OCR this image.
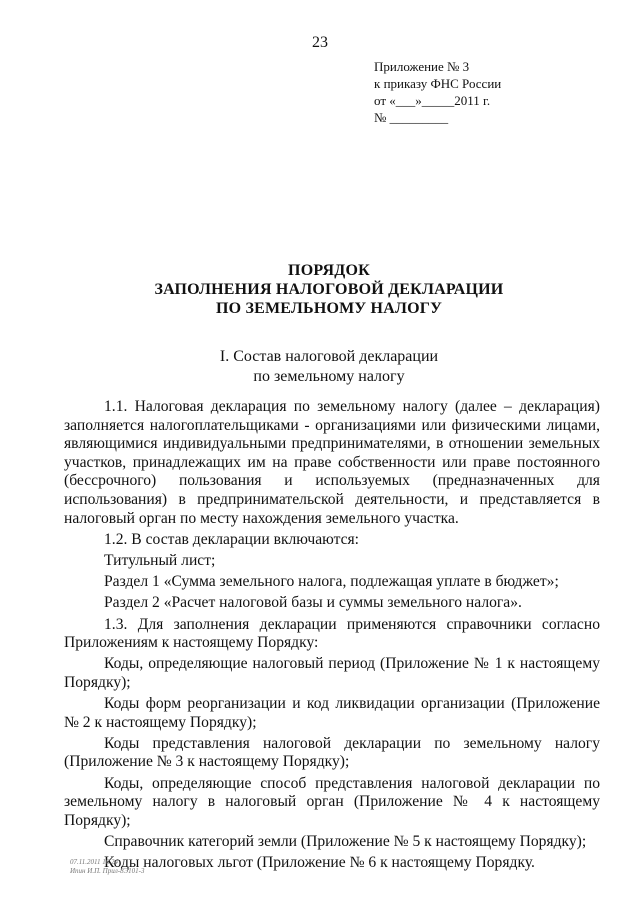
23
Приложение № 3
к приказу ФНС России
от «___»_____2011 г.
№ _________
ПОРЯДОК
ЗАПОЛНЕНИЯ НАЛОГОВОЙ ДЕКЛАРАЦИИ
ПО ЗЕМЕЛЬНОМУ НАЛОГУ
I. Состав налоговой декларации
по земельному налогу

1.1. Налоговая декларация по земельному налогу (далее – декларация) заполняется налогоплательщиками - организациями или физическими лицами, являющимися индивидуальными предпринимателями, в отношении земельных участков, принадлежащих им на праве собственности или праве постоянного (бессрочного) пользования и используемых (предназначенных для использования) в предпринимательской деятельности, и представляется в налоговый орган по месту нахождения земельного участка.

1.2. В состав декларации включаются:

Титульный лист;

Раздел 1 «Сумма земельного налога, подлежащая уплате в бюджет»;

Раздел 2 «Расчет налоговой базы и суммы земельного налога».

1.3. Для заполнения декларации применяются справочники согласно Приложениям к настоящему Порядку:

Коды, определяющие налоговый период (Приложение № 1 к настоящему Порядку);

Коды форм реорганизации и код ликвидации организации (Приложение № 2 к настоящему Порядку);

Коды представления налоговой декларации по земельному налогу (Приложение № 3 к настоящему Порядку);

Коды, определяющие способ представления налоговой декларации по земельному налогу в налоговый орган (Приложение № 4 к настоящему Порядку);

Справочник категорий земли (Приложение № 5 к настоящему Порядку);

Коды налоговых льгот (Приложение № 6 к настоящему Порядку.

07.11.2011 16.24
Ипин И.П. Прил-8Э101-3
